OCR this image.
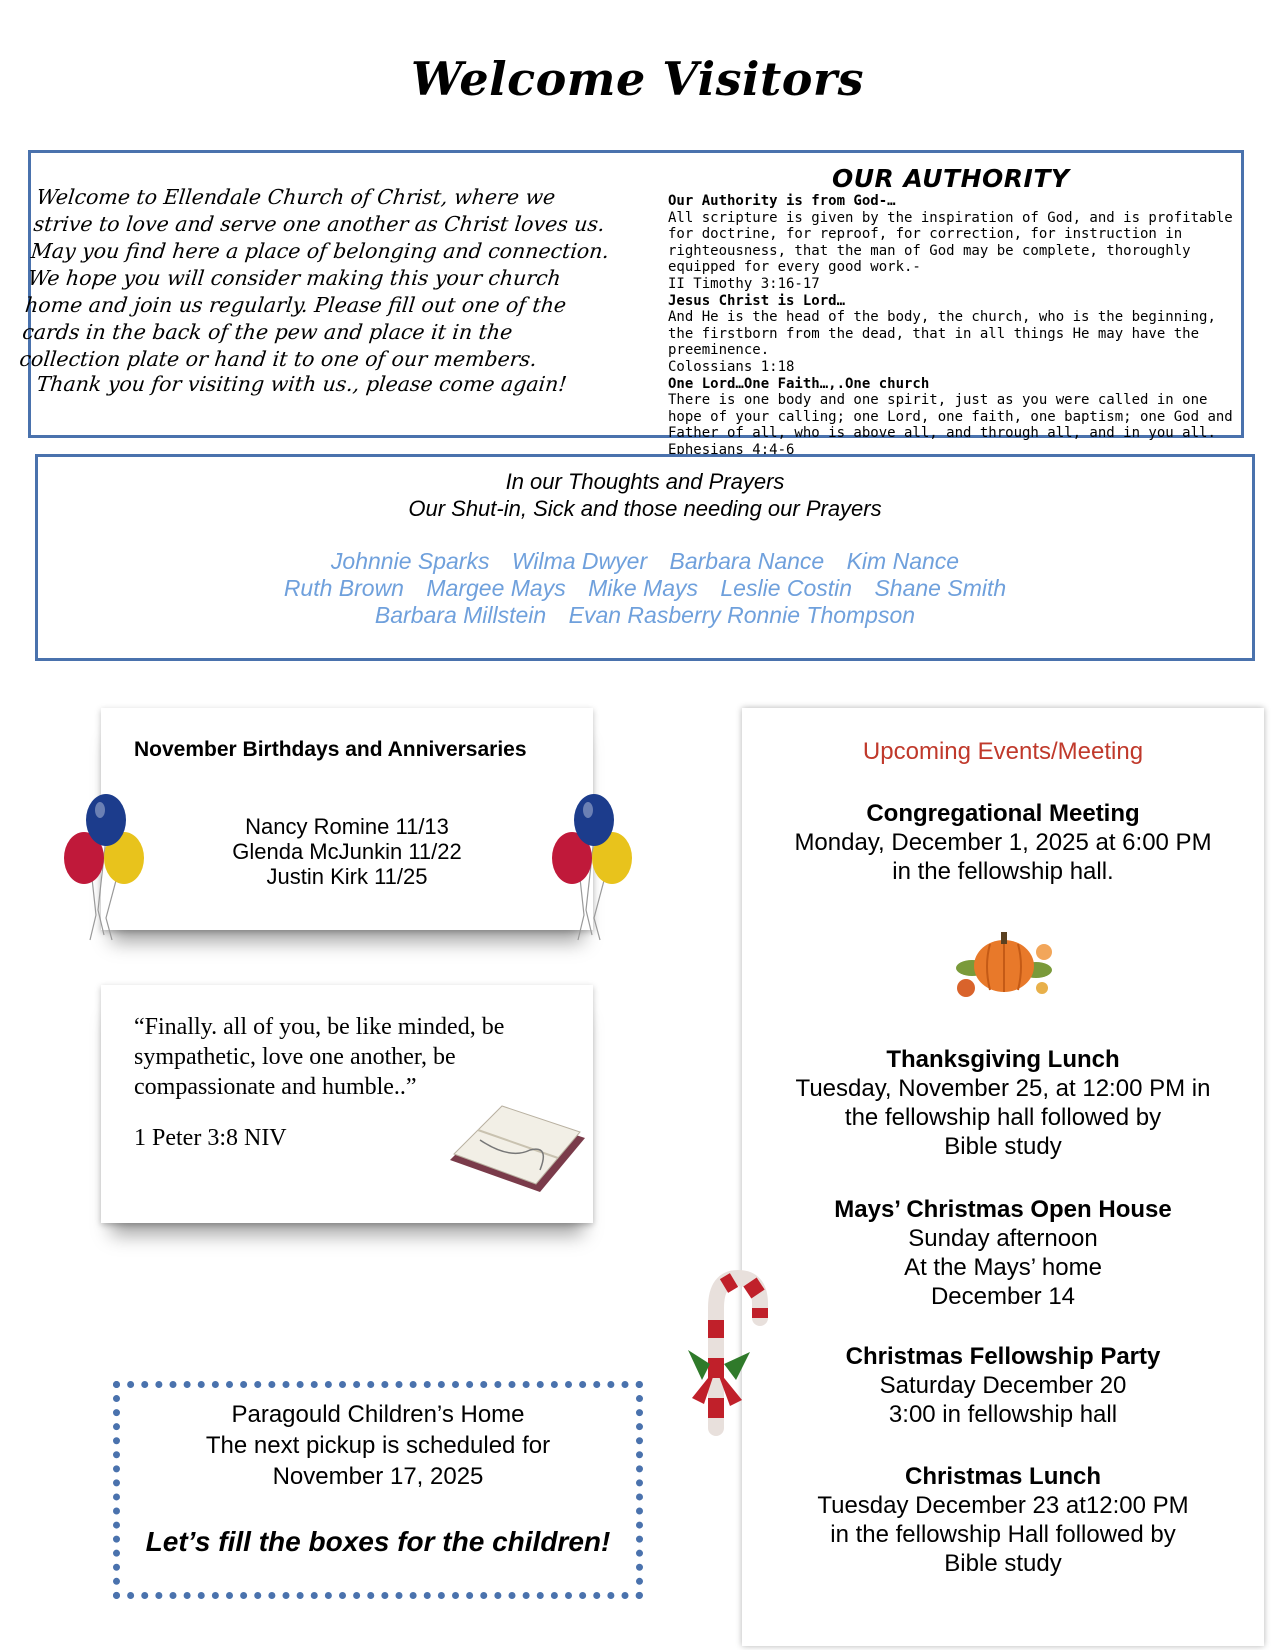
Welcome Visitors
Welcome to Ellendale Church of Christ, where we strive to love and serve one another as Christ loves us. May you find here a place of belonging and connection. We hope you will consider making this your church home and join us regularly. Please fill out one of the cards in the back of the pew and place it in the collection plate or hand it to one of our members.
Thank you for visiting with us., please come again!
OUR AUTHORITY
Our Authority is from God-…
All scripture is given by the inspiration of God, and is profitable for doctrine, for reproof, for correction, for instruction in righteousness, that the man of God may be complete, thoroughly equipped for every good work.-
II Timothy 3:16-17
Jesus Christ is Lord…
And He is the head of the body, the church, who is the beginning, the firstborn from the dead, that in all things He may have the preeminence.
Colossians 1:18
One Lord…One Faith…,.One church
There is one body and one spirit, just as you were called in one hope of your calling; one Lord, one faith, one baptism; one God and Father of all, who is above all, and through all, and in you all.
Ephesians 4:4-6
In our Thoughts and Prayers
Our Shut-in, Sick and those needing our Prayers
Johnnie Sparks Wilma Dwyer Barbara Nance Kim Nance
Ruth Brown Margee Mays Mike Mays Leslie Costin Shane Smith
Barbara Millstein Evan Rasberry Ronnie Thompson
November Birthdays and Anniversaries
Nancy Romine 11/13
Glenda McJunkin 11/22
Justin Kirk 11/25
“Finally. all of you, be like minded, be sympathetic, love one another, be compassionate and humble..”
1 Peter 3:8 NIV
Upcoming Events/Meeting
Congregational Meeting
Monday, December 1, 2025 at 6:00 PM
in the fellowship hall.
Thanksgiving Lunch
Tuesday, November 25, at 12:00 PM in
the fellowship hall followed by
Bible study
Mays’ Christmas Open House
Sunday afternoon
At the Mays’ home
December 14
Christmas Fellowship Party
Saturday December 20
3:00 in fellowship hall
Christmas Lunch
Tuesday December 23 at12:00 PM
in the fellowship Hall followed by
Bible study
Paragould Children’s Home
The next pickup is scheduled for
November 17, 2025
Let’s fill the boxes for the children!
